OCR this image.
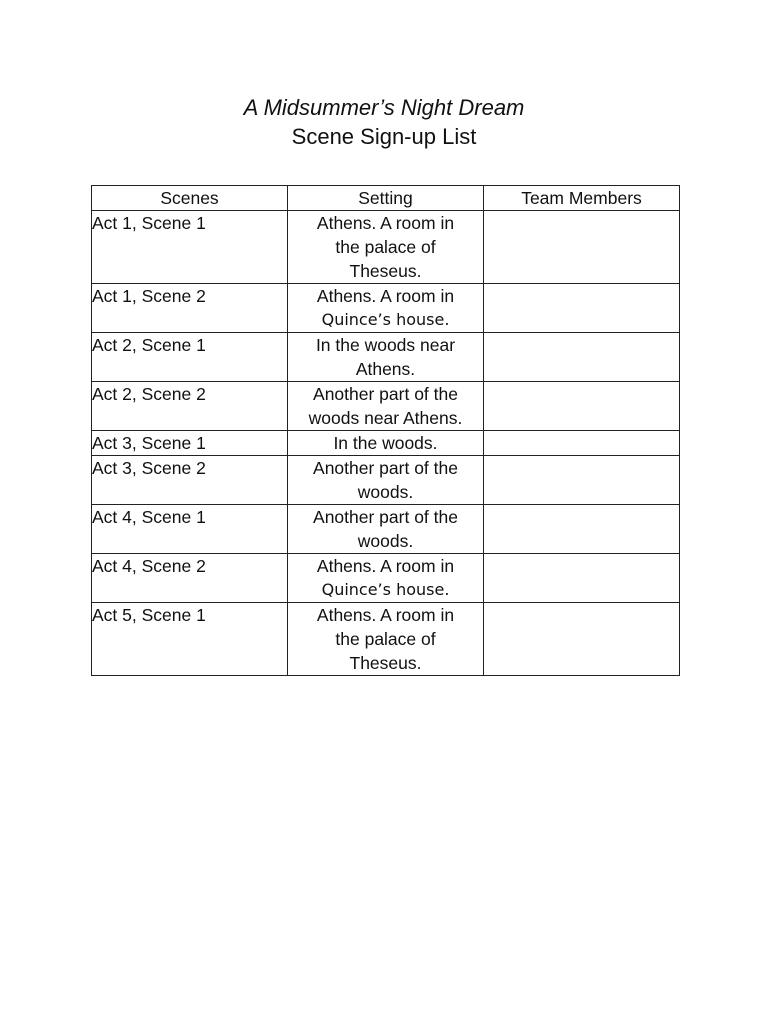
A Midsummer’s Night Dream
Scene Sign-up List
Scenes	Setting	Team Members
Act 1, Scene 1	Athens. A room in
the palace of
Theseus.	

Act 1, Scene 2	Athens. A room in
Quince’s house.	

Act 2, Scene 1	In the woods near
Athens.	

Act 2, Scene 2	Another part of the
woods near Athens.	

Act 3, Scene 1	In the woods.	

Act 3, Scene 2	Another part of the
woods.	

Act 4, Scene 1	Another part of the
woods.	

Act 4, Scene 2	Athens. A room in
Quince’s house.	

Act 5, Scene 1	Athens. A room in
the palace of
Theseus.	
